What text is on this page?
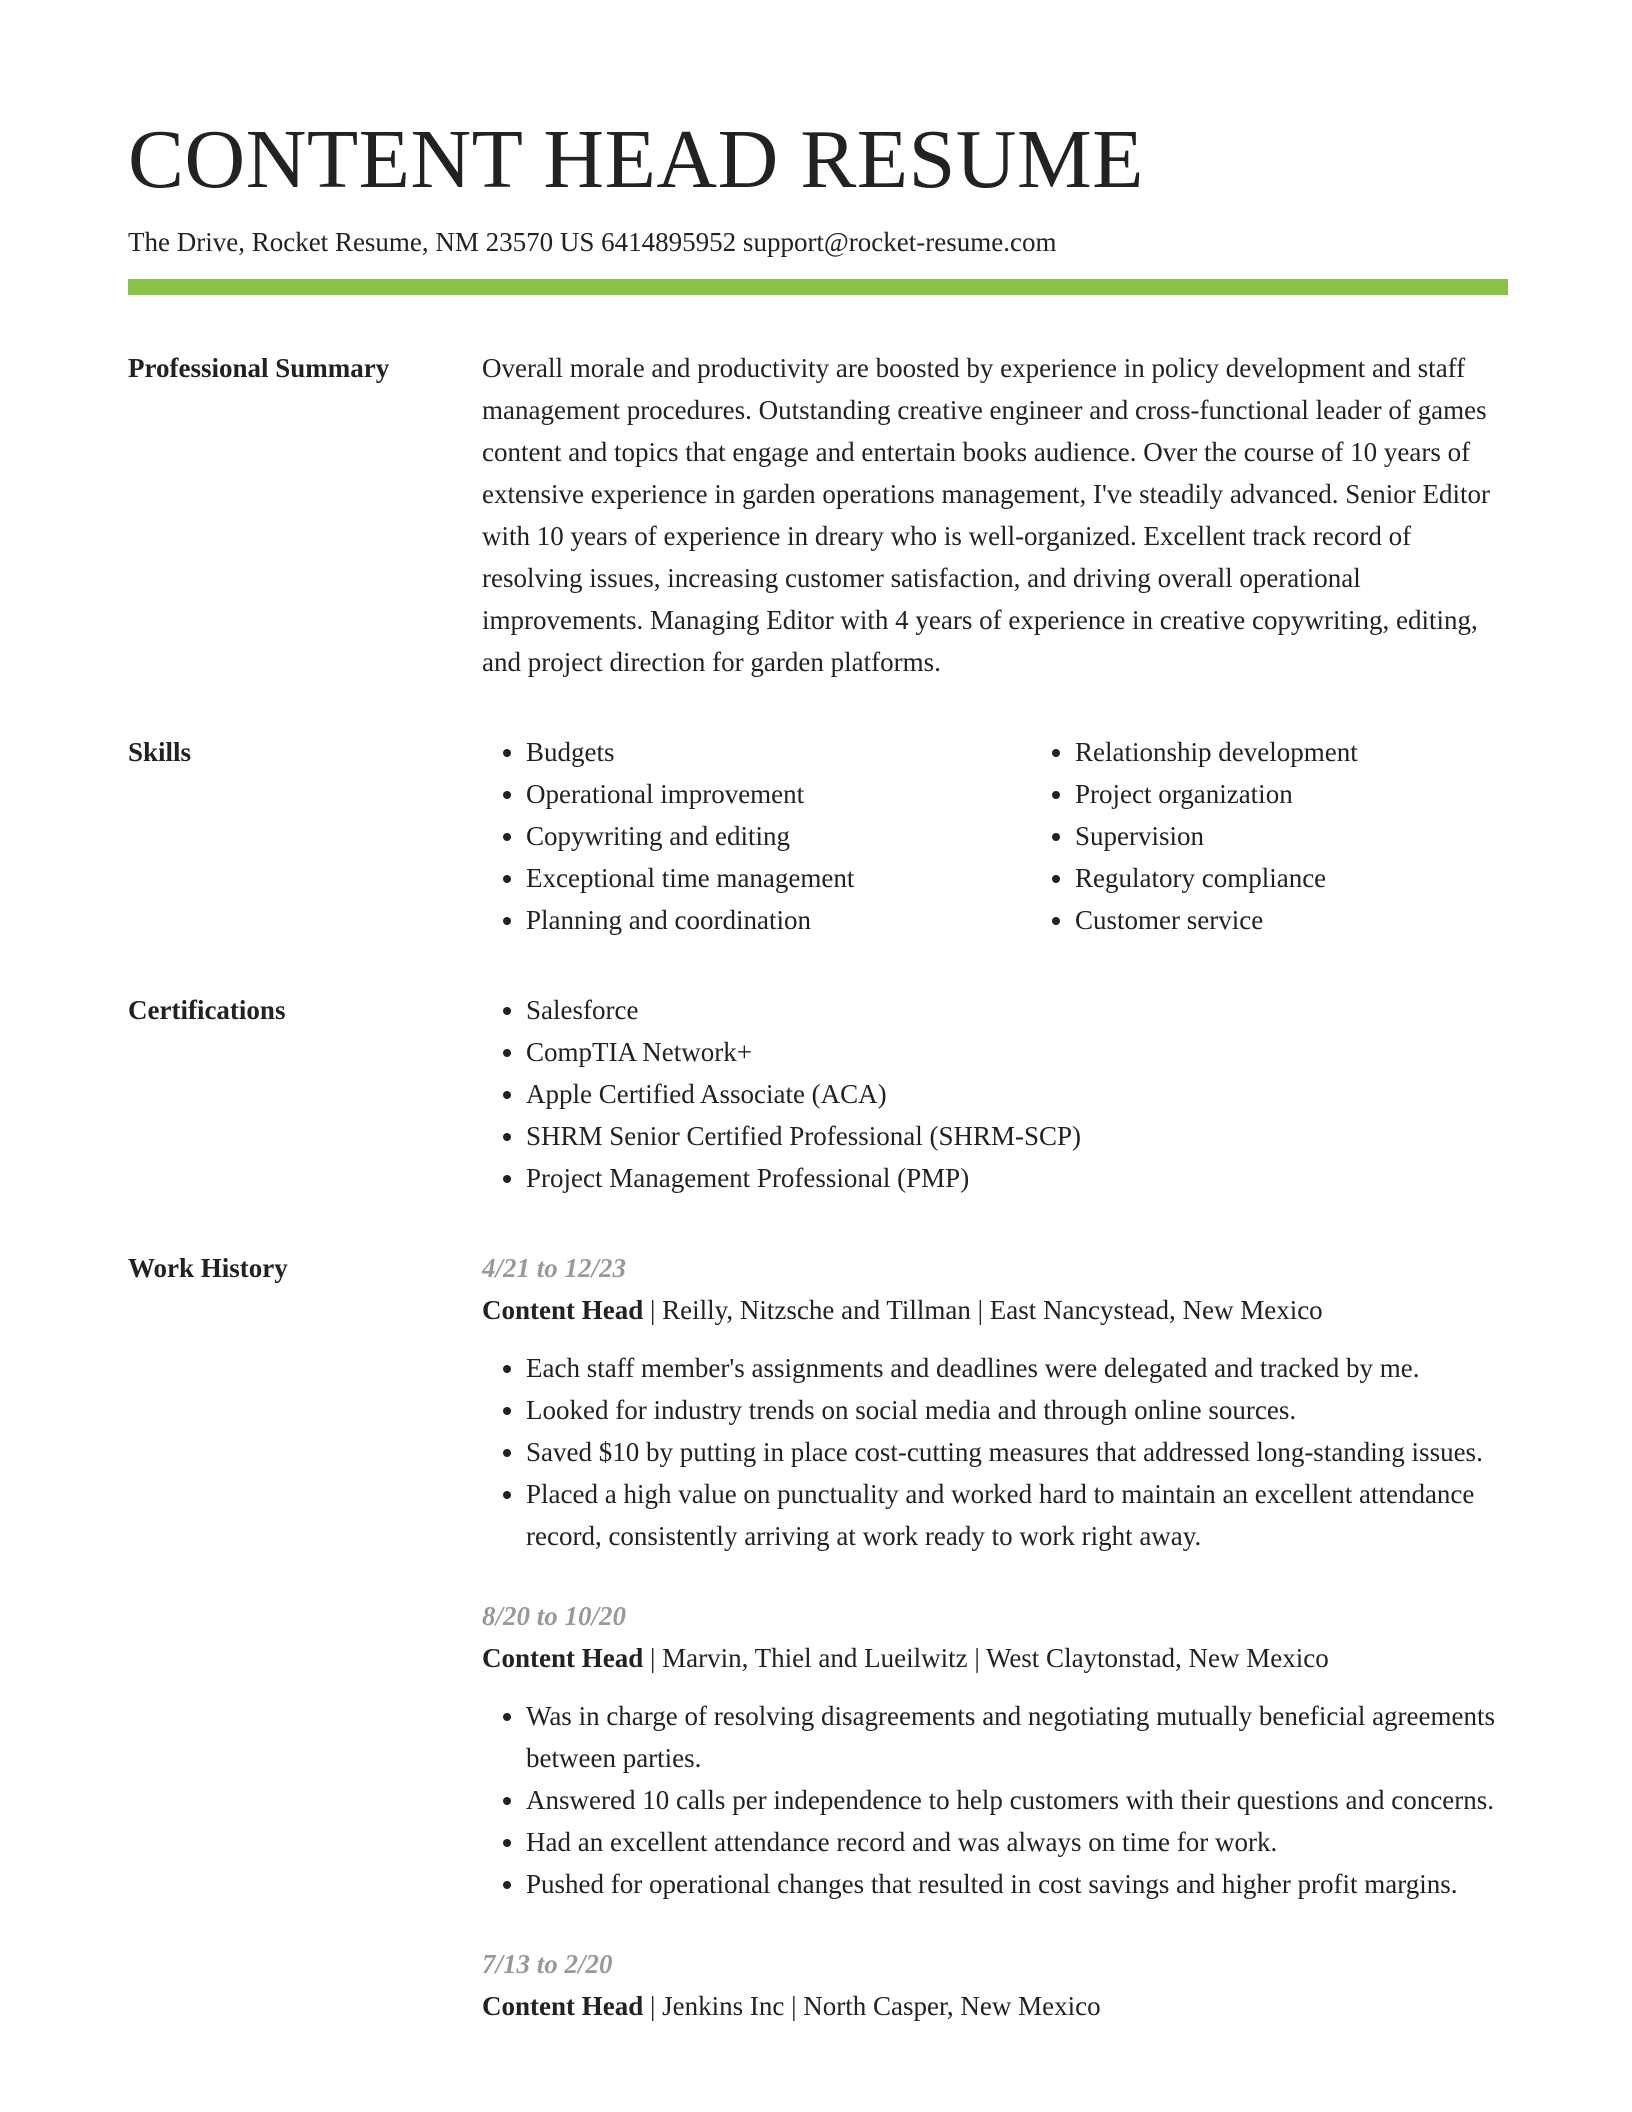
CONTENT HEAD RESUME
The Drive, Rocket Resume, NM 23570 US 6414895952 support@rocket-resume.com
Professional Summary	Overall morale and productivity are boosted by experience in policy development and staff management procedures. Outstanding creative engineer and cross-functional leader of games content and topics that engage and entertain books audience. Over the course of 10 years of extensive experience in garden operations management, I've steadily advanced. Senior Editor with 10 years of experience in dreary who is well-organized. Excellent track record of resolving issues, increasing customer satisfaction, and driving overall operational improvements. Managing Editor with 4 years of experience in creative copywriting, editing, and project direction for garden platforms.
Skills	• Budgets
• Operational improvement
• Copywriting and editing
• Exceptional time management
• Planning and coordination
• Relationship development
• Project organization
• Supervision
• Regulatory compliance
• Customer service
Certifications	• Salesforce
• CompTIA Network+
• Apple Certified Associate (ACA)
• SHRM Senior Certified Professional (SHRM-SCP)
• Project Management Professional (PMP)
Work History	4/21 to 12/23
Content Head | Reilly, Nitzsche and Tillman | East Nancystead, New Mexico
• Each staff member's assignments and deadlines were delegated and tracked by me.
• Looked for industry trends on social media and through online sources.
• Saved $10 by putting in place cost-cutting measures that addressed long-standing issues.
• Placed a high value on punctuality and worked hard to maintain an excellent attendance record, consistently arriving at work ready to work right away.
8/20 to 10/20
Content Head | Marvin, Thiel and Lueilwitz | West Claytonstad, New Mexico
• Was in charge of resolving disagreements and negotiating mutually beneficial agreements between parties.
• Answered 10 calls per independence to help customers with their questions and concerns.
• Had an excellent attendance record and was always on time for work.
• Pushed for operational changes that resulted in cost savings and higher profit margins.
7/13 to 2/20
Content Head | Jenkins Inc | North Casper, New Mexico
